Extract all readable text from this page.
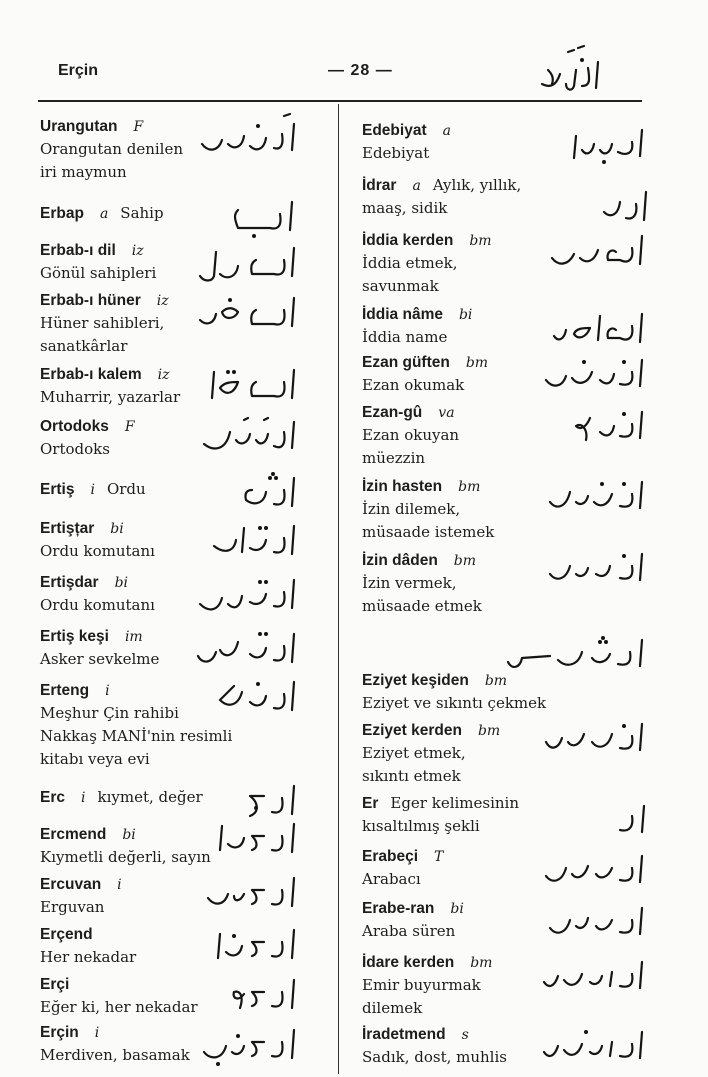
Erçin	— 28 —
Urangutan F
Orangutan denilen
iri maymun
Erbap a Sahip
Erbab-ı dil iz
Gönül sahipleri
Erbab-ı hüner iz
Hüner sahibleri,
sanatkârlar
Erbab-ı kalem iz
Muharrir, yazarlar
Ortodoks F
Ortodoks
Ertiş i Ordu
Ertişțar bi
Ordu komutanı
Ertişdar bi
Ordu komutanı
Ertiş keşi im
Asker sevkelme
Erteng i
Meşhur Çin rahibi
Nakkaş MANİ'nin resimli
kitabı veya evi
Erc i kıymet, değer
Ercmend bi
Kıymetli değerli, sayın
Ercuvan i
Erguvan
Erçend
Her nekadar
Erçi
Eğer ki, her nekadar
Erçin i
Merdiven, basamak
Edebiyat a
Edebiyat
İdrar a Aylık, yıllık,
maaş, sidik
İddia kerden bm
İddia etmek,
savunmak
İddia nâme bi
İddia name
Ezan güften bm
Ezan okumak
Ezan-gû va
Ezan okuyan
müezzin
İzin hasten bm
İzin dilemek,
müsaade istemek
İzin dâden bm
İzin vermek,
müsaade etmek
Eziyet keşiden bm
Eziyet ve sıkıntı çekmek
Eziyet kerden bm
Eziyet etmek,
sıkıntı etmek
Er Eger kelimesinin
kısaltılmış şekli
Erabeçi T
Arabacı
Erabe-ran bi
Araba süren
İdare kerden bm
Emir buyurmak
dilemek
İradetmend s
Sadık, dost, muhlis
